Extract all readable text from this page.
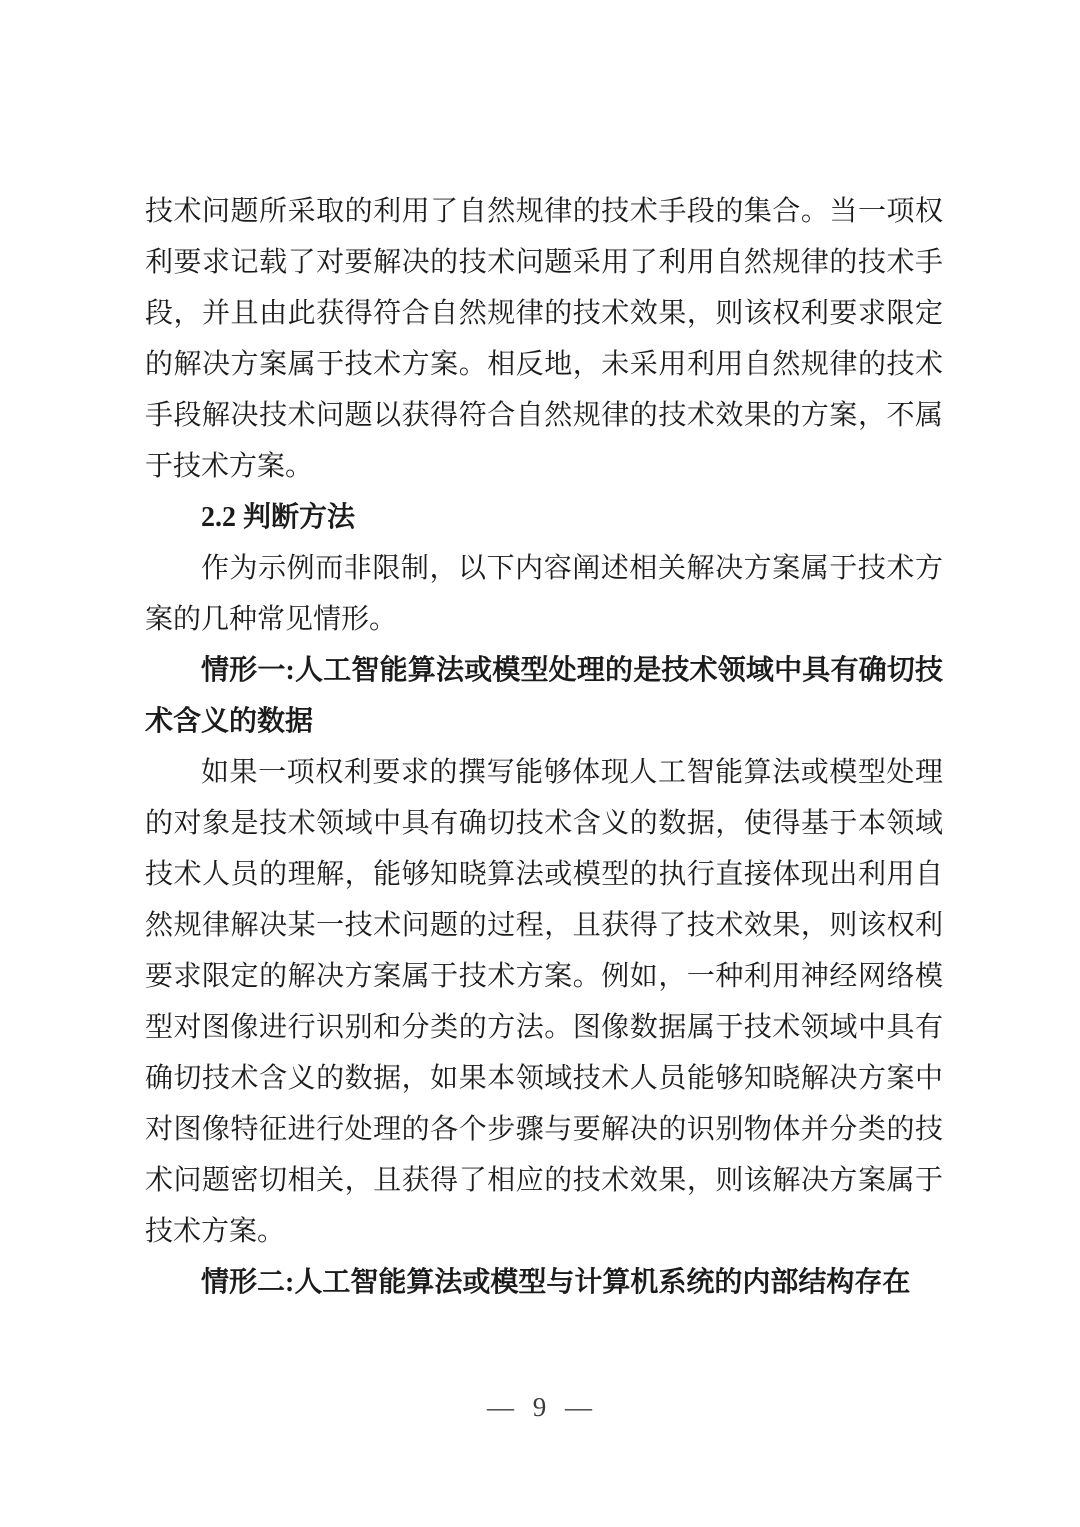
技术问题所采取的利用了自然规律的技术手段的集合。当一项权利要求记载了对要解决的技术问题采用了利用自然规律的技术手段，并且由此获得符合自然规律的技术效果，则该权利要求限定的解决方案属于技术方案。相反地，未采用利用自然规律的技术手段解决技术问题以获得符合自然规律的技术效果的方案，不属于技术方案。

2.2 判断方法

作为示例而非限制，以下内容阐述相关解决方案属于技术方案的几种常见情形。

情形一:人工智能算法或模型处理的是技术领域中具有确切技术含义的数据

如果一项权利要求的撰写能够体现人工智能算法或模型处理的对象是技术领域中具有确切技术含义的数据，使得基于本领域技术人员的理解，能够知晓算法或模型的执行直接体现出利用自然规律解决某一技术问题的过程，且获得了技术效果，则该权利要求限定的解决方案属于技术方案。例如，一种利用神经网络模型对图像进行识别和分类的方法。图像数据属于技术领域中具有确切技术含义的数据，如果本领域技术人员能够知晓解决方案中对图像特征进行处理的各个步骤与要解决的识别物体并分类的技术问题密切相关，且获得了相应的技术效果，则该解决方案属于技术方案。

情形二:人工智能算法或模型与计算机系统的内部结构存在

— 9 —
